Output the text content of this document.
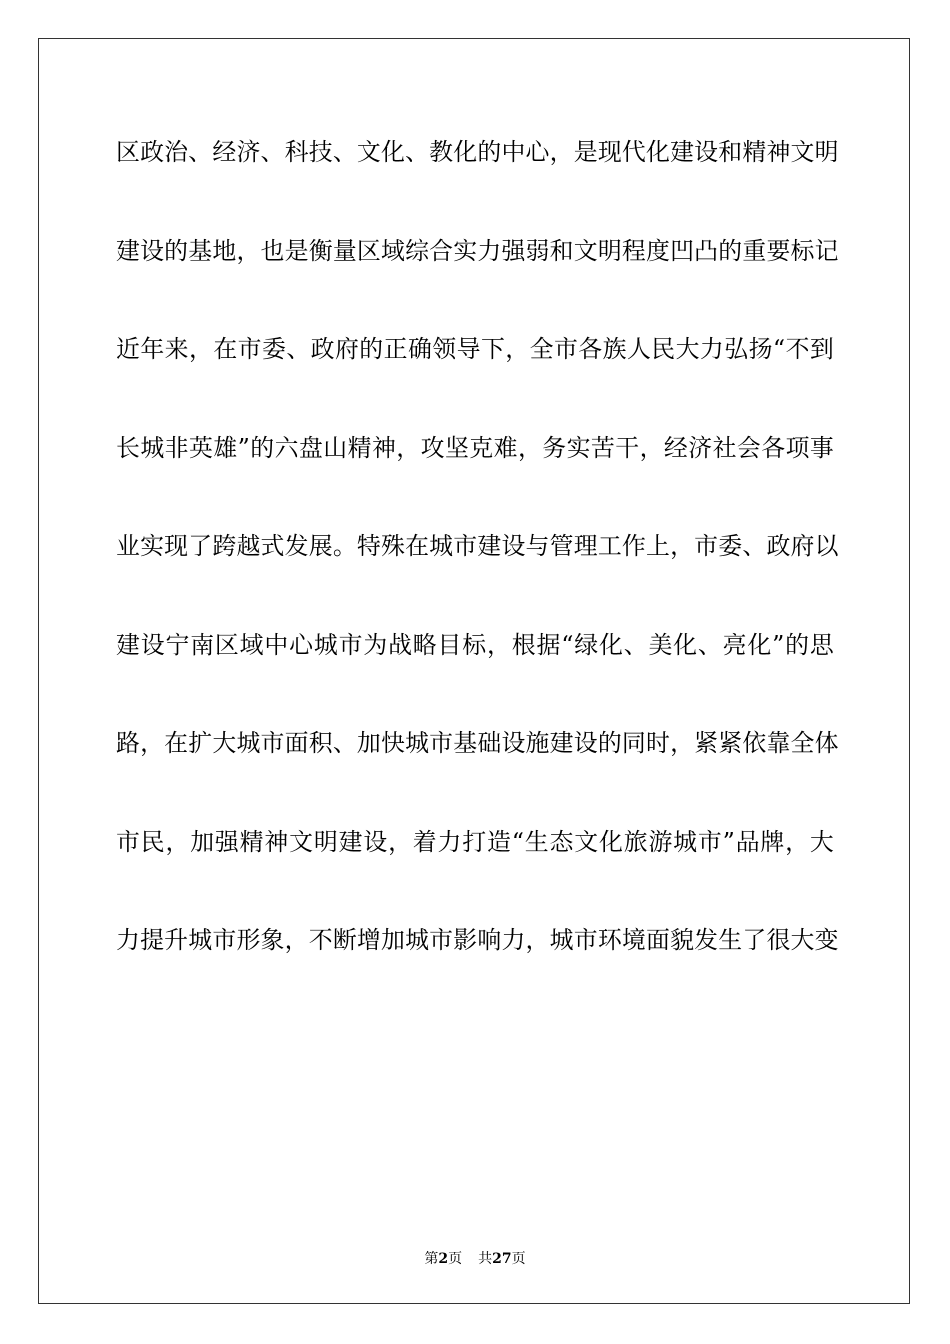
区政治、经济、科技、文化、教化的中心，是现代化建设和精神文明
建设的基地，也是衡量区域综合实力强弱和文明程度凹凸的重要标记
近年来，在市委、政府的正确领导下，全市各族人民大力弘扬“不到
长城非英雄”的六盘山精神，攻坚克难，务实苦干，经济社会各项事
业实现了跨越式发展。特殊在城市建设与管理工作上，市委、政府以
建设宁南区域中心城市为战略目标，根据“绿化、美化、亮化”的思
路，在扩大城市面积、加快城市基础设施建设的同时，紧紧依靠全体
市民，加强精神文明建设，着力打造“生态文化旅游城市”品牌，大
力提升城市形象，不断增加城市影响力，城市环境面貌发生了很大变
第2页 共27页
